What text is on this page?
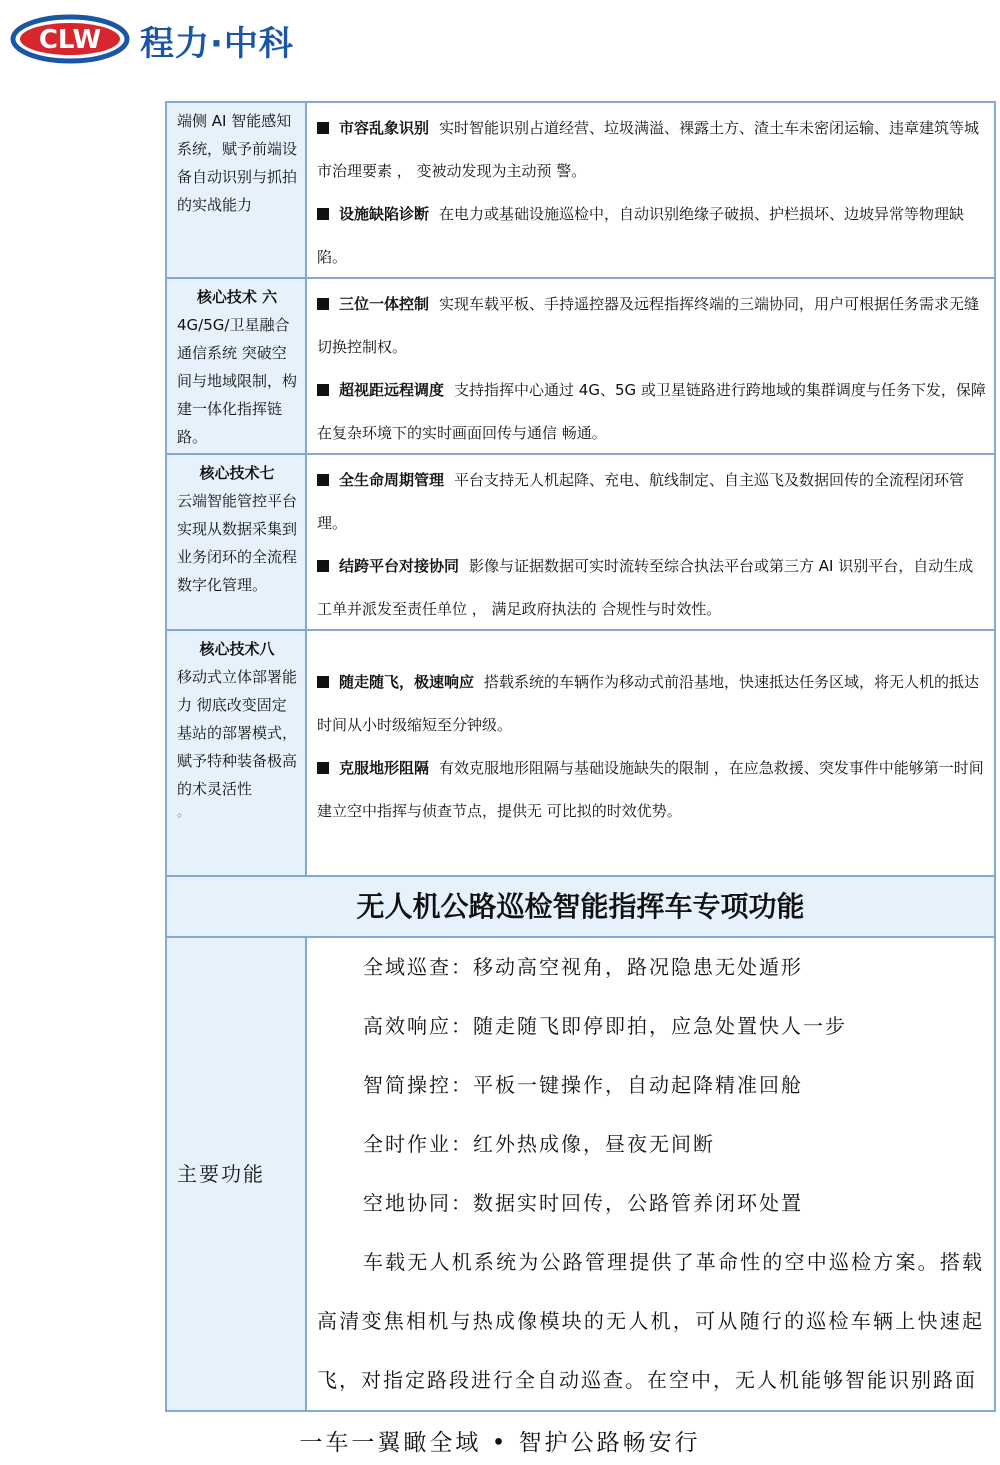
CLW 程力·中科
端侧 AI 智能感知系统，赋予前端设备自动识别与抓拍的实战能力
市容乱象识别 实时智能识别占道经营、垃圾满溢、裸露土方、渣土车未密闭运输、违章建筑等城市治理要素 ， 变被动发现为主动预 警。
设施缺陷诊断 在电力或基础设施巡检中，自动识别绝缘子破损、护栏损坏、边坡异常等物理缺陷。
核心技术 六
4G/5G/卫星融合通信系统 突破空间与地域限制，构建一体化指挥链路。
三位一体控制 实现车载平板、手持遥控器及远程指挥终端的三端协同，用户可根据任务需求无缝切换控制权。
超视距远程调度 支持指挥中心通过 4G、5G 或卫星链路进行跨地域的集群调度与任务下发，保障在复杂环境下的实时画面回传与通信 畅通。
核心技术七
云端智能管控平台 实现从数据采集到业务闭环的全流程数字化管理。
全生命周期管理 平台支持无人机起降、充电、航线制定、自主巡飞及数据回传的全流程闭环管理。
结跨平台对接协同 影像与证据数据可实时流转至综合执法平台或第三方 AI 识别平台，自动生成工单并派发至责任单位 ， 满足政府执法的 合规性与时效性。
核心技术八
移动式立体部署能力 彻底改变固定基站的部署模式，赋予特种装备极高的术灵活性
。
随走随飞，极速响应 搭载系统的车辆作为移动式前沿基地，快速抵达任务区域，将无人机的抵达时间从小时级缩短至分钟级。
克服地形阻隔 有效克服地形阻隔与基础设施缺失的限制 ，在应急救援、突发事件中能够第一时间建立空中指挥与侦查节点，提供无 可比拟的时效优势。
无人机公路巡检智能指挥车专项功能
主要功能
全域巡查：移动高空视角，路况隐患无处遁形
高效响应：随走随飞即停即拍，应急处置快人一步
智简操控：平板一键操作，自动起降精准回舱
全时作业：红外热成像，昼夜无间断
空地协同：数据实时回传，公路管养闭环处置
车载无人机系统为公路管理提供了革命性的空中巡检方案。搭载高清变焦相机与热成像模块的无人机，可从随行的巡检车辆上快速起飞，对指定路段进行全自动巡查。在空中，无人机能够智能识别路面
一车一翼瞰全域 • 智护公路畅安行
